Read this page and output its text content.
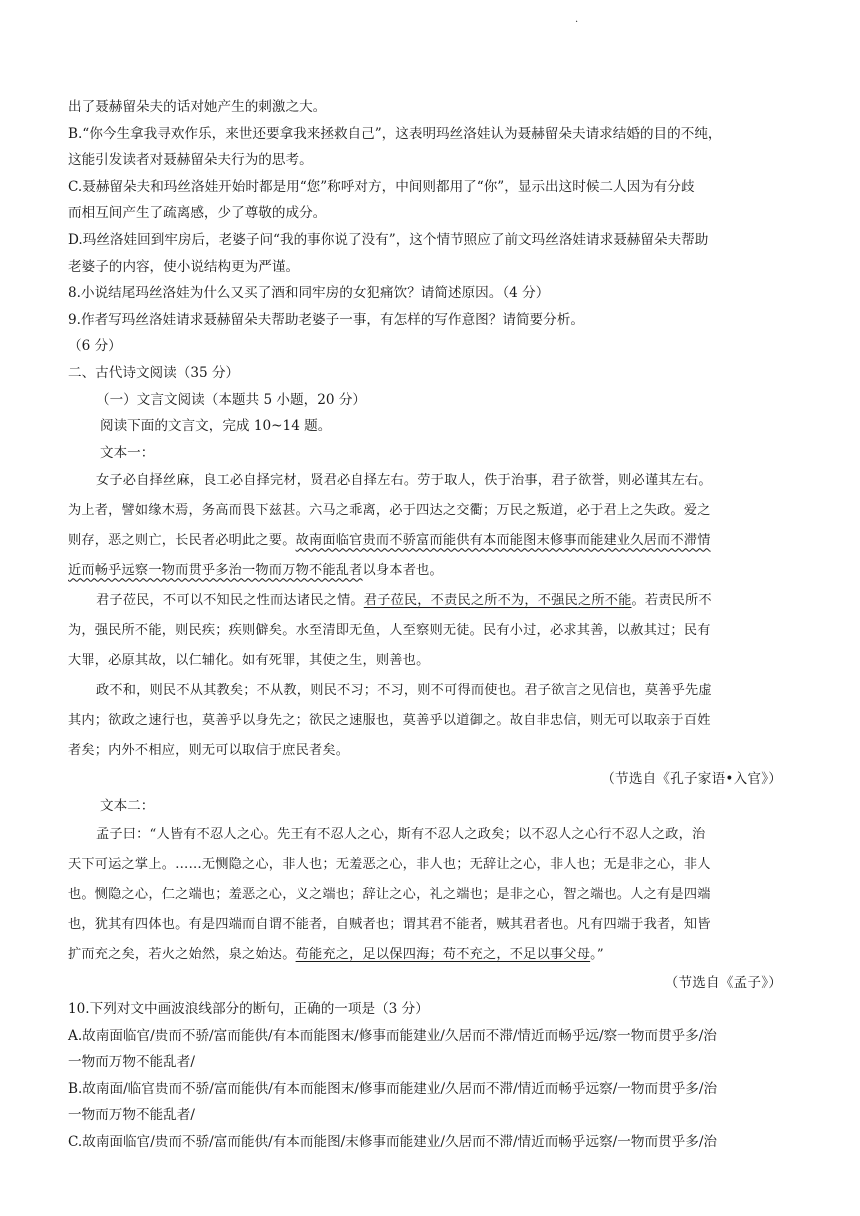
.
出了聂赫留朵夫的话对她产生的刺激之大。
B.“你今生拿我寻欢作乐，来世还要拿我来拯救自己”，这表明玛丝洛娃认为聂赫留朵夫请求结婚的目的不纯，
这能引发读者对聂赫留朵夫行为的思考。
C.聂赫留朵夫和玛丝洛娃开始时都是用“您”称呼对方，中间则都用了“你”，显示出这时候二人因为有分歧
而相互间产生了疏离感，少了尊敬的成分。
D.玛丝洛娃回到牢房后，老婆子问“我的事你说了没有”，这个情节照应了前文玛丝洛娃请求聂赫留朵夫帮助
老婆子的内容，使小说结构更为严谨。
8.小说结尾玛丝洛娃为什么又买了酒和同牢房的女犯痛饮？请简述原因。（4 分）
9.作者写玛丝洛娃请求聂赫留朵夫帮助老婆子一事，有怎样的写作意图？请简要分析。
（6 分）
二、古代诗文阅读（35 分）
（一）文言文阅读（本题共 5 小题，20 分）
阅读下面的文言文，完成 10~14 题。
文本一：
女子必自择丝麻，良工必自择完材，贤君必自择左右。劳于取人，佚于治事，君子欲誉，则必谨其左右。
为上者，譬如缘木焉，务高而畏下兹甚。六马之乖离，必于四达之交衢；万民之叛道，必于君上之失政。爱之
则存，恶之则亡，长民者必明此之要。故南面临官贵而不骄富而能供有本而能图末修事而能建业久居而不滞情
近而畅乎远察一物而贯乎多治一物而万物不能乱者以身本者也。
君子莅民，不可以不知民之性而达诸民之情。君子莅民，不责民之所不为，不强民之所不能。若责民所不
为，强民所不能，则民疾；疾则僻矣。水至清即无鱼，人至察则无徒。民有小过，必求其善，以赦其过；民有
大罪，必原其故，以仁辅化。如有死罪，其使之生，则善也。
政不和，则民不从其教矣；不从教，则民不习；不习，则不可得而使也。君子欲言之见信也，莫善乎先虚
其内；欲政之速行也，莫善乎以身先之；欲民之速服也，莫善乎以道御之。故自非忠信，则无可以取亲于百姓
者矣；内外不相应，则无可以取信于庶民者矣。
（节选自《孔子家语•入官》）
文本二：
孟子曰：“人皆有不忍人之心。先王有不忍人之心，斯有不忍人之政矣；以不忍人之心行不忍人之政，治
天下可运之掌上。……无恻隐之心，非人也；无羞恶之心，非人也；无辞让之心，非人也；无是非之心，非人
也。恻隐之心，仁之端也；羞恶之心，义之端也；辞让之心，礼之端也；是非之心，智之端也。人之有是四端
也，犹其有四体也。有是四端而自谓不能者，自贼者也；谓其君不能者，贼其君者也。凡有四端于我者，知皆
扩而充之矣，若火之始然，泉之始达。苟能充之，足以保四海；苟不充之，不足以事父母。”
（节选自《孟子》）
10.下列对文中画波浪线部分的断句，正确的一项是（3 分）
A.故南面临官/贵而不骄/富而能供/有本而能图末/修事而能建业/久居而不滞/情近而畅乎远/察一物而贯乎多/治
一物而万物不能乱者/
B.故南面/临官贵而不骄/富而能供/有本而能图末/修事而能建业/久居而不滞/情近而畅乎远察/一物而贯乎多/治
一物而万物不能乱者/
C.故南面临官/贵而不骄/富而能供/有本而能图/末修事而能建业/久居而不滞/情近而畅乎远察/一物而贯乎多/治
